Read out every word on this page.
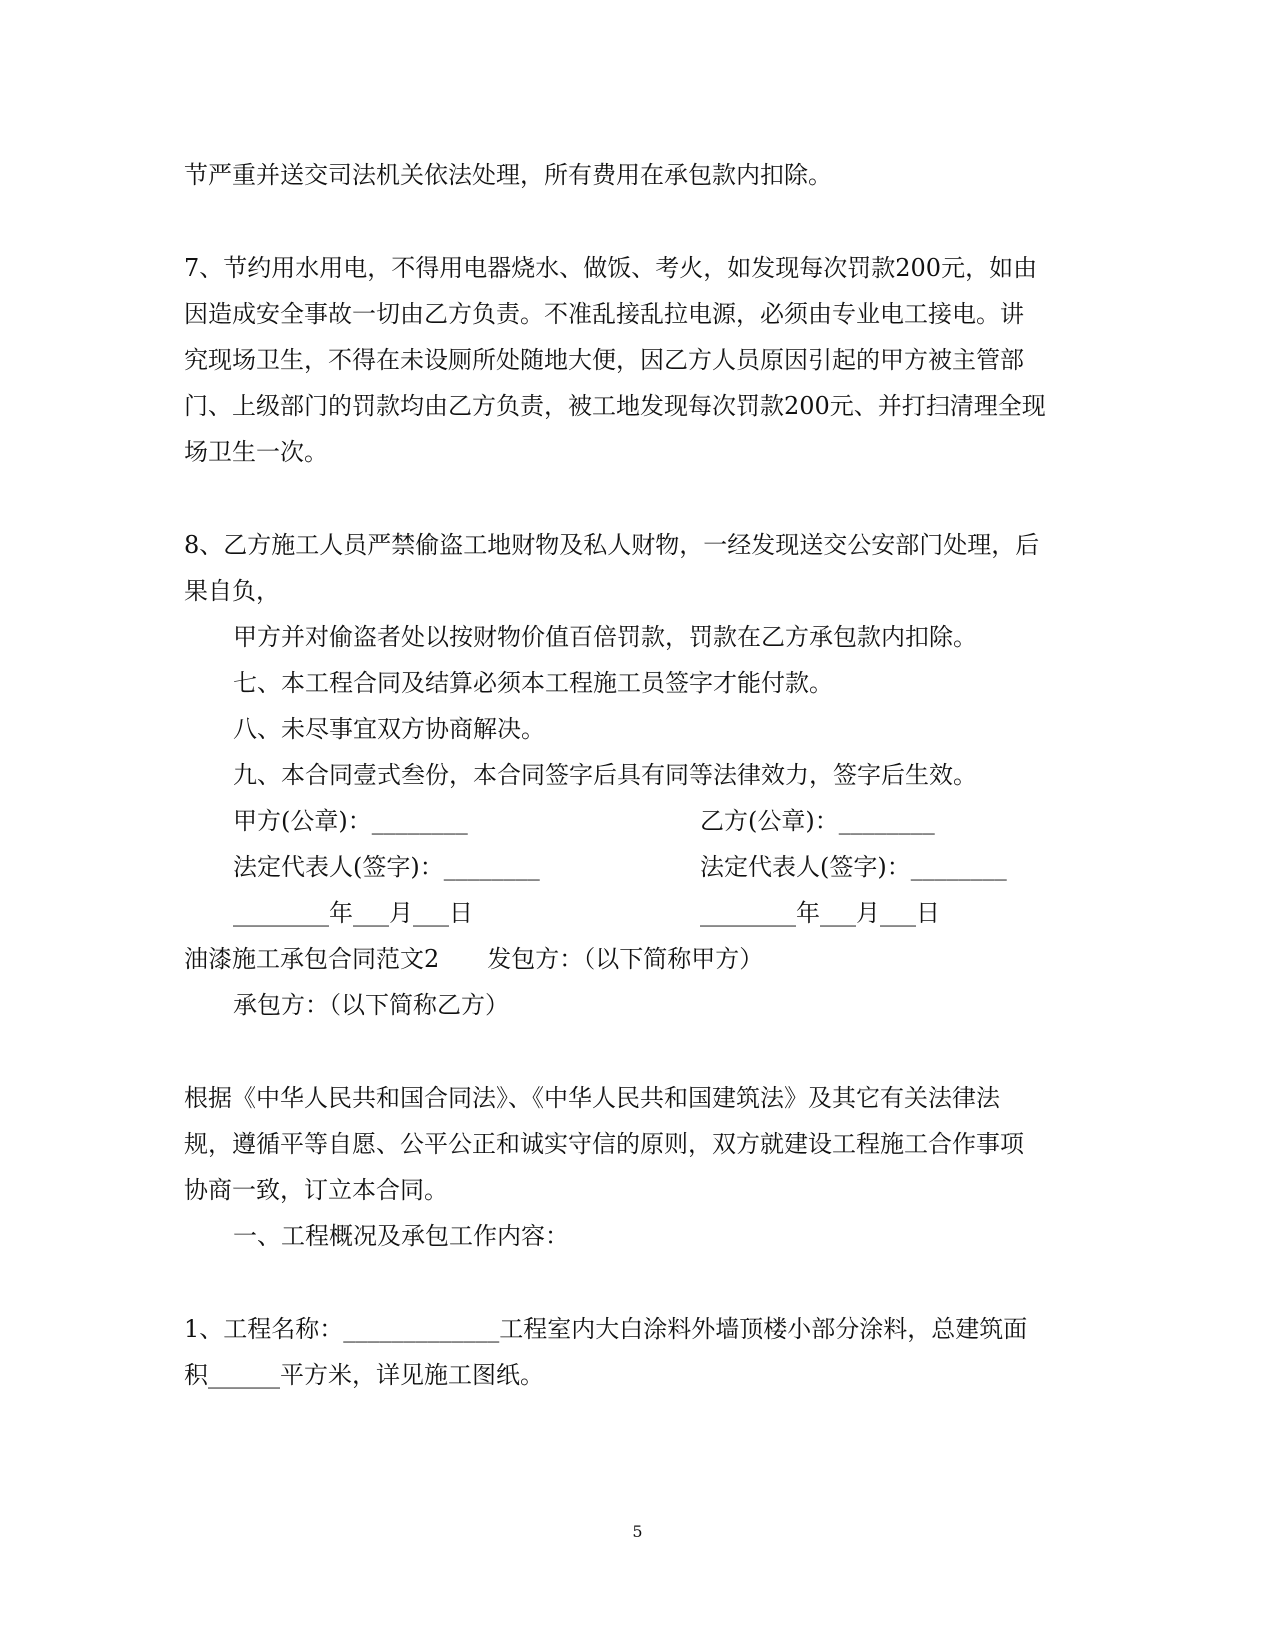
节严重并送交司法机关依法处理，所有费用在承包款内扣除。
7、节约用水用电，不得用电器烧水、做饭、考火，如发现每次罚款200元，如由
因造成安全事故一切由乙方负责。不准乱接乱拉电源，必须由专业电工接电。讲
究现场卫生，不得在未设厕所处随地大便，因乙方人员原因引起的甲方被主管部
门、上级部门的罚款均由乙方负责，被工地发现每次罚款200元、并打扫清理全现
场卫生一次。
8、乙方施工人员严禁偷盗工地财物及私人财物，一经发现送交公安部门处理，后
果自负，
甲方并对偷盗者处以按财物价值百倍罚款，罚款在乙方承包款内扣除。
七、本工程合同及结算必须本工程施工员签字才能付款。
八、未尽事宜双方协商解决。
九、本合同壹式叁份，本合同签字后具有同等法律效力，签字后生效。
甲方(公章)：________	乙方(公章)：________
法定代表人(签字)：________	法定代表人(签字)：________
________年___月___日	________年___月___日
油漆施工承包合同范文2　　发包方：（以下简称甲方）
承包方：（以下简称乙方）
根据《中华人民共和国合同法》、《中华人民共和国建筑法》及其它有关法律法
规，遵循平等自愿、公平公正和诚实守信的原则，双方就建设工程施工合作事项
协商一致，订立本合同。
一、工程概况及承包工作内容：
1、工程名称：_____________工程室内大白涂料外墙顶楼小部分涂料，总建筑面
积______平方米，详见施工图纸。
5
